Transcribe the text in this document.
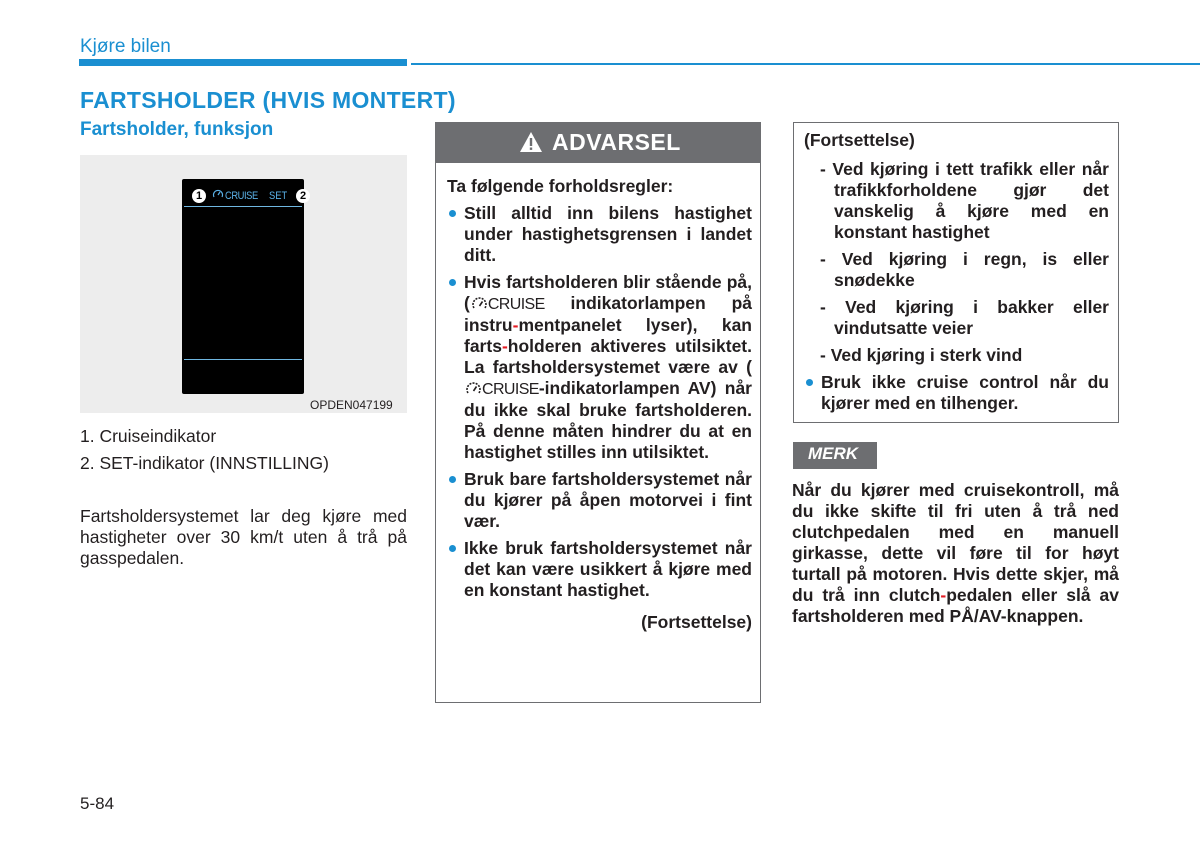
Kjøre bilen
FARTSHOLDER (HVIS MONTERT)
Fartsholder, funksjon
CRUISE SET
1	2
OPDEN047199
1. Cruiseindikator
2. SET-indikator (INNSTILLING)
Fartsholdersystemet lar deg kjøre med hastigheter over 30 km/t uten å trå på gasspedalen.
ADVARSEL
Ta følgende forholdsregler:
Still alltid inn bilens hastighet under hastighetsgrensen i landet ditt.
Hvis fartsholderen blir stående på, ( CRUISE indikatorlampen på instru-mentpanelet lyser), kan farts-holderen aktiveres utilsiktet. La fartsholdersystemet være av (CRUISE-indikatorlampen AV) når du ikke skal bruke fartsholderen. På denne måten hindrer du at en hastighet stilles inn utilsiktet.
Bruk bare fartsholdersystemet når du kjører på åpen motorvei i fint vær.
Ikke bruk fartsholdersystemet når det kan være usikkert å kjøre med en konstant hastighet.
(Fortsettelse)
(Fortsettelse)
- Ved kjøring i tett trafikk eller når trafikkforholdene gjør det vanskelig å kjøre med en konstant hastighet
- Ved kjøring i regn, is eller snødekke
- Ved kjøring i bakker eller vindutsatte veier
- Ved kjøring i sterk vind
Bruk ikke cruise control når du kjører med en tilhenger.
MERK
Når du kjører med cruisekontroll, må du ikke skifte til fri uten å trå ned clutchpedalen med en manuell girkasse, dette vil føre til for høyt turtall på motoren. Hvis dette skjer, må du trå inn clutch-pedalen eller slå av fartsholderen med PÅ/AV-knappen.
5-84
